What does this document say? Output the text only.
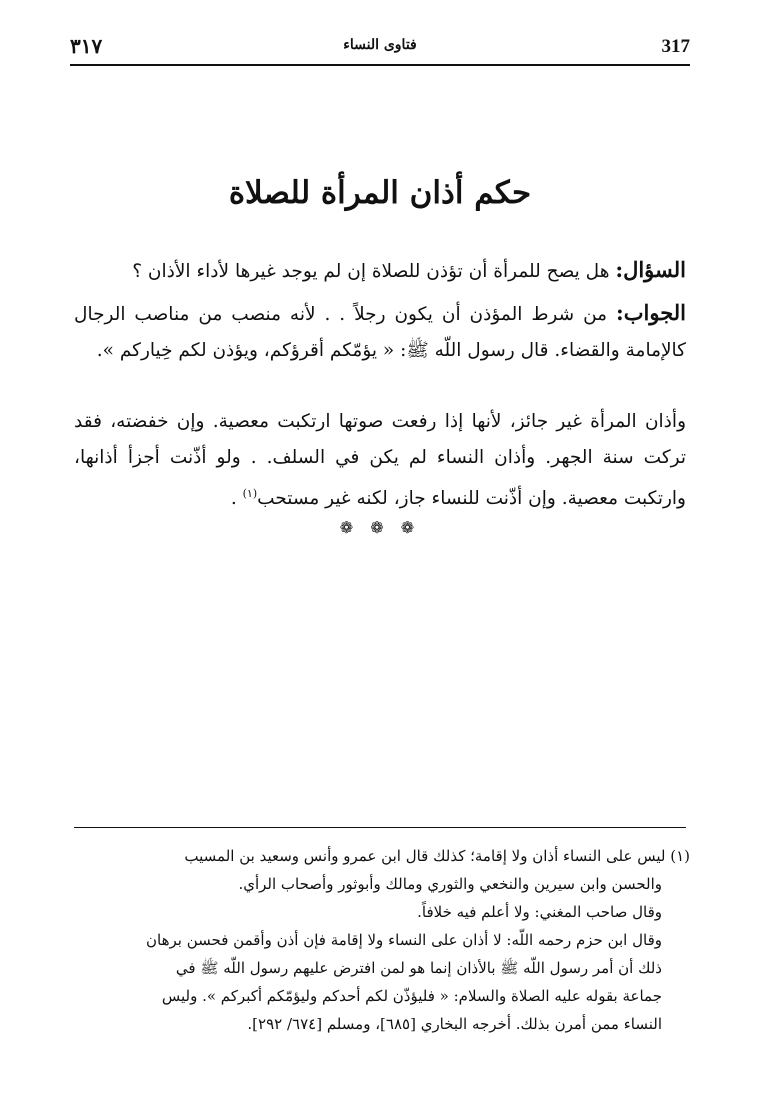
317
فتاوى النساء
٣١٧
حكم أذان المرأة للصلاة
السؤال: هل يصح للمرأة أن تؤذن للصلاة إن لم يوجد غيرها لأداء الأذان ؟
الجواب: من شرط المؤذن أن يكون رجلاً . . لأنه منصب من مناصب الرجال كالإمامة والقضاء. قال رسول اللّه ﷺ: « يؤمّكم أقرؤكم، ويؤذن لكم خِياركم ».
وأذان المرأة غير جائز، لأنها إذا رفعت صوتها ارتكبت معصية. وإن خفضته، فقد تركت سنة الجهر. وأذان النساء لم يكن في السلف. . ولو أذّنت أجزأ أذانها، وارتكبت معصية. وإن أذّنت للنساء جاز، لكنه غير مستحب$^{(١)}$ .
❁ ❁ ❁
(١) ليس على النساء أذان ولا إقامة؛ كذلك قال ابن عمرو وأنس وسعيد بن المسيب
والحسن وابن سيرين والنخعي والثوري ومالك وأبوثور وأصحاب الرأي.
وقال صاحب المغني: ولا أعلم فيه خلافاً.
وقال ابن حزم رحمه اللّه: لا أذان على النساء ولا إقامة فإن أذن وأقمن فحسن برهان
ذلك أن أمر رسول اللّه ﷺ بالأذان إنما هو لمن افترض عليهم رسول اللّه ﷺ في
جماعة بقوله عليه الصلاة والسلام: « فليؤذّن لكم أحدكم وليؤمّكم أكبركم ». وليس
النساء ممن أمرن بذلك. أخرجه البخاري [٦٨٥]، ومسلم [٦٧٤/ ٢٩٢].
